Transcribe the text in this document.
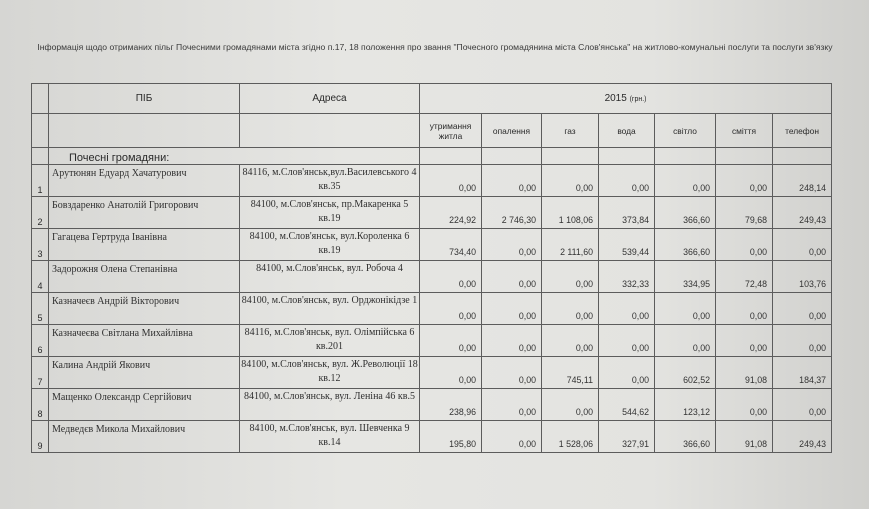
Інформація щодо отриманих пільг Почесними громадянами міста згідно п.17, 18 положення про звання "Почесного громадянина міста Слов'янська" на житлово-комунальні послуги та послуги зв'язку
	ПІБ	Адреса	2015 (грн.)						
			утримання житла	опалення	газ	вода	світло	сміття	телефон
	Почесні громадяни:								
1	Арутюнян Едуард Хачатурович	84116, м.Слов'янськ,вул.Василевського 4 кв.35	0,00	0,00	0,00	0,00	0,00	0,00	248,14
2	Бовздаренко Анатолій Григорович	84100, м.Слов'янськ, пр.Макаренка 5 кв.19	224,92	2 746,30	1 108,06	373,84	366,60	79,68	249,43
3	Гагацева Гертруда Іванівна	84100, м.Слов'янськ, вул.Короленка 6 кв.19	734,40	0,00	2 111,60	539,44	366,60	0,00	0,00
4	Задорожня Олена Степанівна	84100, м.Слов'янськ, вул. Робоча 4	0,00	0,00	0,00	332,33	334,95	72,48	103,76
5	Казначеєв Андрій Вікторович	84100, м.Слов'янськ, вул. Орджонікідзе 1	0,00	0,00	0,00	0,00	0,00	0,00	0,00
6	Казначеєва Світлана Михайлівна	84116, м.Слов'янськ, вул. Олімпійська 6 кв.201	0,00	0,00	0,00	0,00	0,00	0,00	0,00
7	Калина Андрій Якович	84100, м.Слов'янськ, вул. Ж.Революції 18 кв.12	0,00	0,00	745,11	0,00	602,52	91,08	184,37
8	Мащенко Олександр Сергійович	84100, м.Слов'янськ, вул. Леніна 46 кв.5	238,96	0,00	0,00	544,62	123,12	0,00	0,00
9	Медведєв Микола Михайлович	84100, м.Слов'янськ, вул. Шевченка 9 кв.14	195,80	0,00	1 528,06	327,91	366,60	91,08	249,43
